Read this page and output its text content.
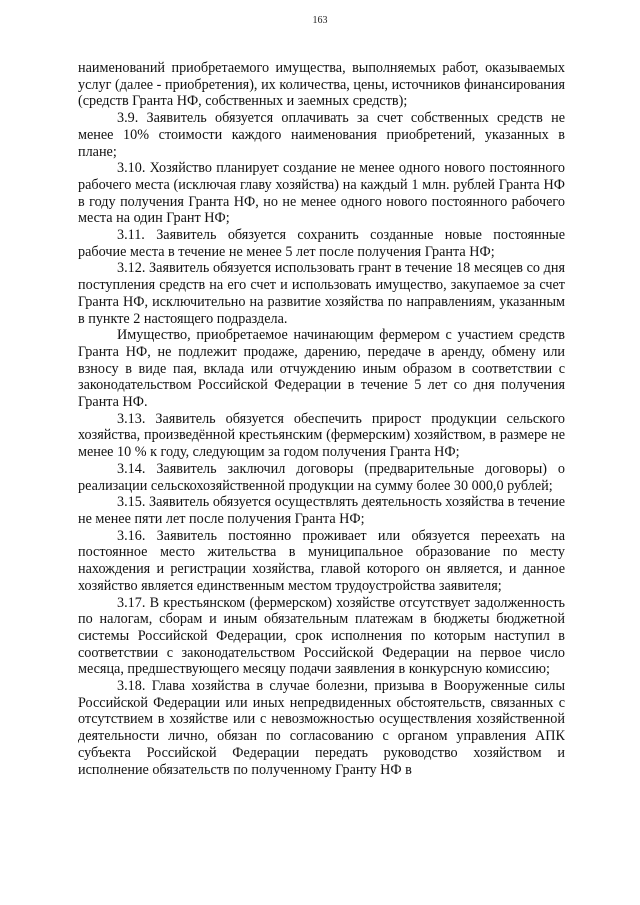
163

наименований приобретаемого имущества, выполняемых работ, оказываемых услуг (далее - приобретения), их количества, цены, источников финансирования (средств Гранта НФ, собственных и заемных средств);

3.9. Заявитель обязуется оплачивать за счет собственных средств не менее 10% стоимости каждого наименования приобретений, указанных в плане;

3.10. Хозяйство планирует создание не менее одного нового постоянного рабочего места (исключая главу хозяйства) на каждый 1 млн. рублей Гранта НФ в году получения Гранта НФ, но не менее одного нового постоянного рабочего места на один Грант НФ;

3.11. Заявитель обязуется сохранить созданные новые постоянные рабочие места в течение не менее 5 лет после получения Гранта НФ;

3.12. Заявитель обязуется использовать грант в течение 18 месяцев со дня поступления средств на его счет и использовать имущество, закупаемое за счет Гранта НФ, исключительно на развитие хозяйства по направлениям, указанным в пункте 2 настоящего подраздела.

Имущество, приобретаемое начинающим фермером с участием средств Гранта НФ, не подлежит продаже, дарению, передаче в аренду, обмену или взносу в виде пая, вклада или отчуждению иным образом в соответствии с законодательством Российской Федерации в течение 5 лет со дня получения Гранта НФ.

3.13. Заявитель обязуется обеспечить прирост продукции сельского хозяйства, произведённой крестьянским (фермерским) хозяйством, в размере не менее 10 % к году, следующим за годом получения Гранта НФ;

3.14. Заявитель заключил договоры (предварительные договоры) о реализации сельскохозяйственной продукции на сумму более 30 000,0 рублей;

3.15. Заявитель обязуется осуществлять деятельность хозяйства в течение не менее пяти лет после получения Гранта НФ;

3.16. Заявитель постоянно проживает или обязуется переехать на постоянное место жительства в муниципальное образование по месту нахождения и регистрации хозяйства, главой которого он является, и данное хозяйство является единственным местом трудоустройства заявителя;

3.17. В крестьянском (фермерском) хозяйстве отсутствует задолженность по налогам, сборам и иным обязательным платежам в бюджеты бюджетной системы Российской Федерации, срок исполнения по которым наступил в соответствии с законодательством Российской Федерации на первое число месяца, предшествующего месяцу подачи заявления в конкурсную комиссию;

3.18. Глава хозяйства в случае болезни, призыва в Вооруженные силы Российской Федерации или иных непредвиденных обстоятельств, связанных с отсутствием в хозяйстве или с невозможностью осуществления хозяйственной деятельности лично, обязан по согласованию с органом управления АПК субъекта Российской Федерации передать руководство хозяйством и исполнение обязательств по полученному Гранту НФ в
